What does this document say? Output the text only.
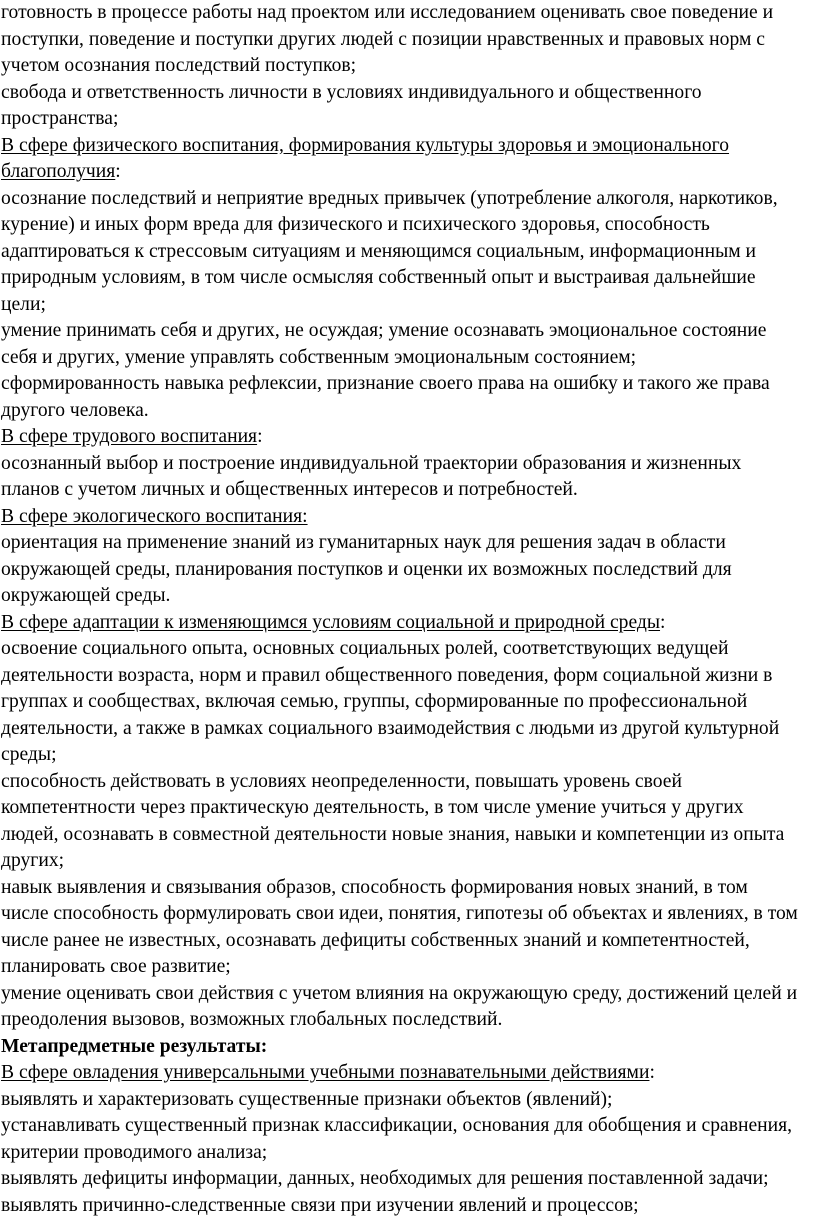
готовность в процессе работы над проектом или исследованием оценивать свое поведение и
поступки, поведение и поступки других людей с позиции нравственных и правовых норм с
учетом осознания последствий поступков;
свобода и ответственность личности в условиях индивидуального и общественного
пространства;
В сфере физического воспитания, формирования культуры здоровья и эмоционального
благополучия:
осознание последствий и неприятие вредных привычек (употребление алкоголя, наркотиков,
курение) и иных форм вреда для физического и психического здоровья, способность
адаптироваться к стрессовым ситуациям и меняющимся социальным, информационным и
природным условиям, в том числе осмысляя собственный опыт и выстраивая дальнейшие
цели;
умение принимать себя и других, не осуждая; умение осознавать эмоциональное состояние
себя и других, умение управлять собственным эмоциональным состоянием;
сформированность навыка рефлексии, признание своего права на ошибку и такого же права
другого человека.
В сфере трудового воспитания:
осознанный выбор и построение индивидуальной траектории образования и жизненных
планов с учетом личных и общественных интересов и потребностей.
В сфере экологического воспитания:
ориентация на применение знаний из гуманитарных наук для решения задач в области
окружающей среды, планирования поступков и оценки их возможных последствий для
окружающей среды.
В сфере адаптации к изменяющимся условиям социальной и природной среды:
освоение социального опыта, основных социальных ролей, соответствующих ведущей
деятельности возраста, норм и правил общественного поведения, форм социальной жизни в
группах и сообществах, включая семью, группы, сформированные по профессиональной
деятельности, а также в рамках социального взаимодействия с людьми из другой культурной
среды;
способность действовать в условиях неопределенности, повышать уровень своей
компетентности через практическую деятельность, в том числе умение учиться у других
людей, осознавать в совместной деятельности новые знания, навыки и компетенции из опыта
других;
навык выявления и связывания образов, способность формирования новых знаний, в том
числе способность формулировать свои идеи, понятия, гипотезы об объектах и явлениях, в том
числе ранее не известных, осознавать дефициты собственных знаний и компетентностей,
планировать свое развитие;
умение оценивать свои действия с учетом влияния на окружающую среду, достижений целей и
преодоления вызовов, возможных глобальных последствий.
Метапредметные результаты:
В сфере овладения универсальными учебными познавательными действиями:
выявлять и характеризовать существенные признаки объектов (явлений);
устанавливать существенный признак классификации, основания для обобщения и сравнения,
критерии проводимого анализа;
выявлять дефициты информации, данных, необходимых для решения поставленной задачи;
выявлять причинно-следственные связи при изучении явлений и процессов;
